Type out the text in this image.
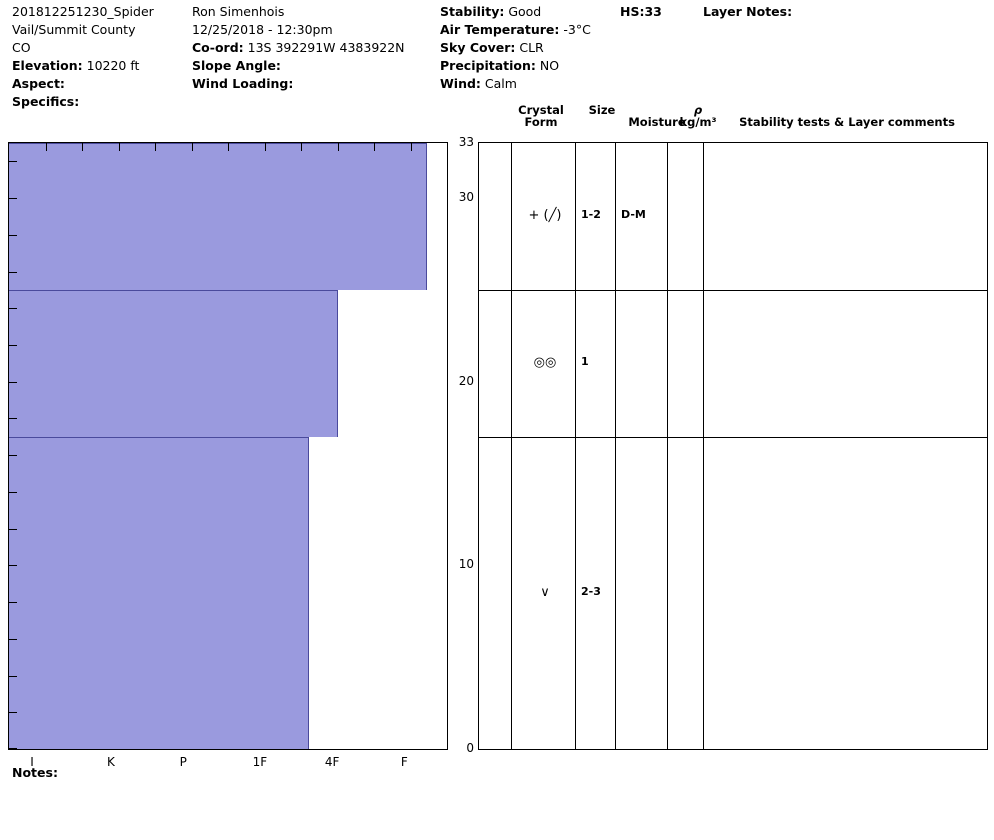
201812251230_Spider
Vail/Summit County
CO
Elevation: 10220 ft
Aspect:
Specifics:
Ron Simenhois
12/25/2018 - 12:30pm
Co-ord: 13S 392291W 4383922N
Slope Angle:
Wind Loading:
Stability: Good
Air Temperature: -3°C
Sky Cover: CLR
Precipitation: NO
Wind: Calm
HS:33	Layer Notes:
Crystal
Form
Size
Moisture
ρ
kg/m³	Stability tests & Layer comments
0
10
20
30
33
I	K	P	1F	4F	F
+ (╱)	1-2	D-M
◎◎	1
∨	2-3
Notes:
